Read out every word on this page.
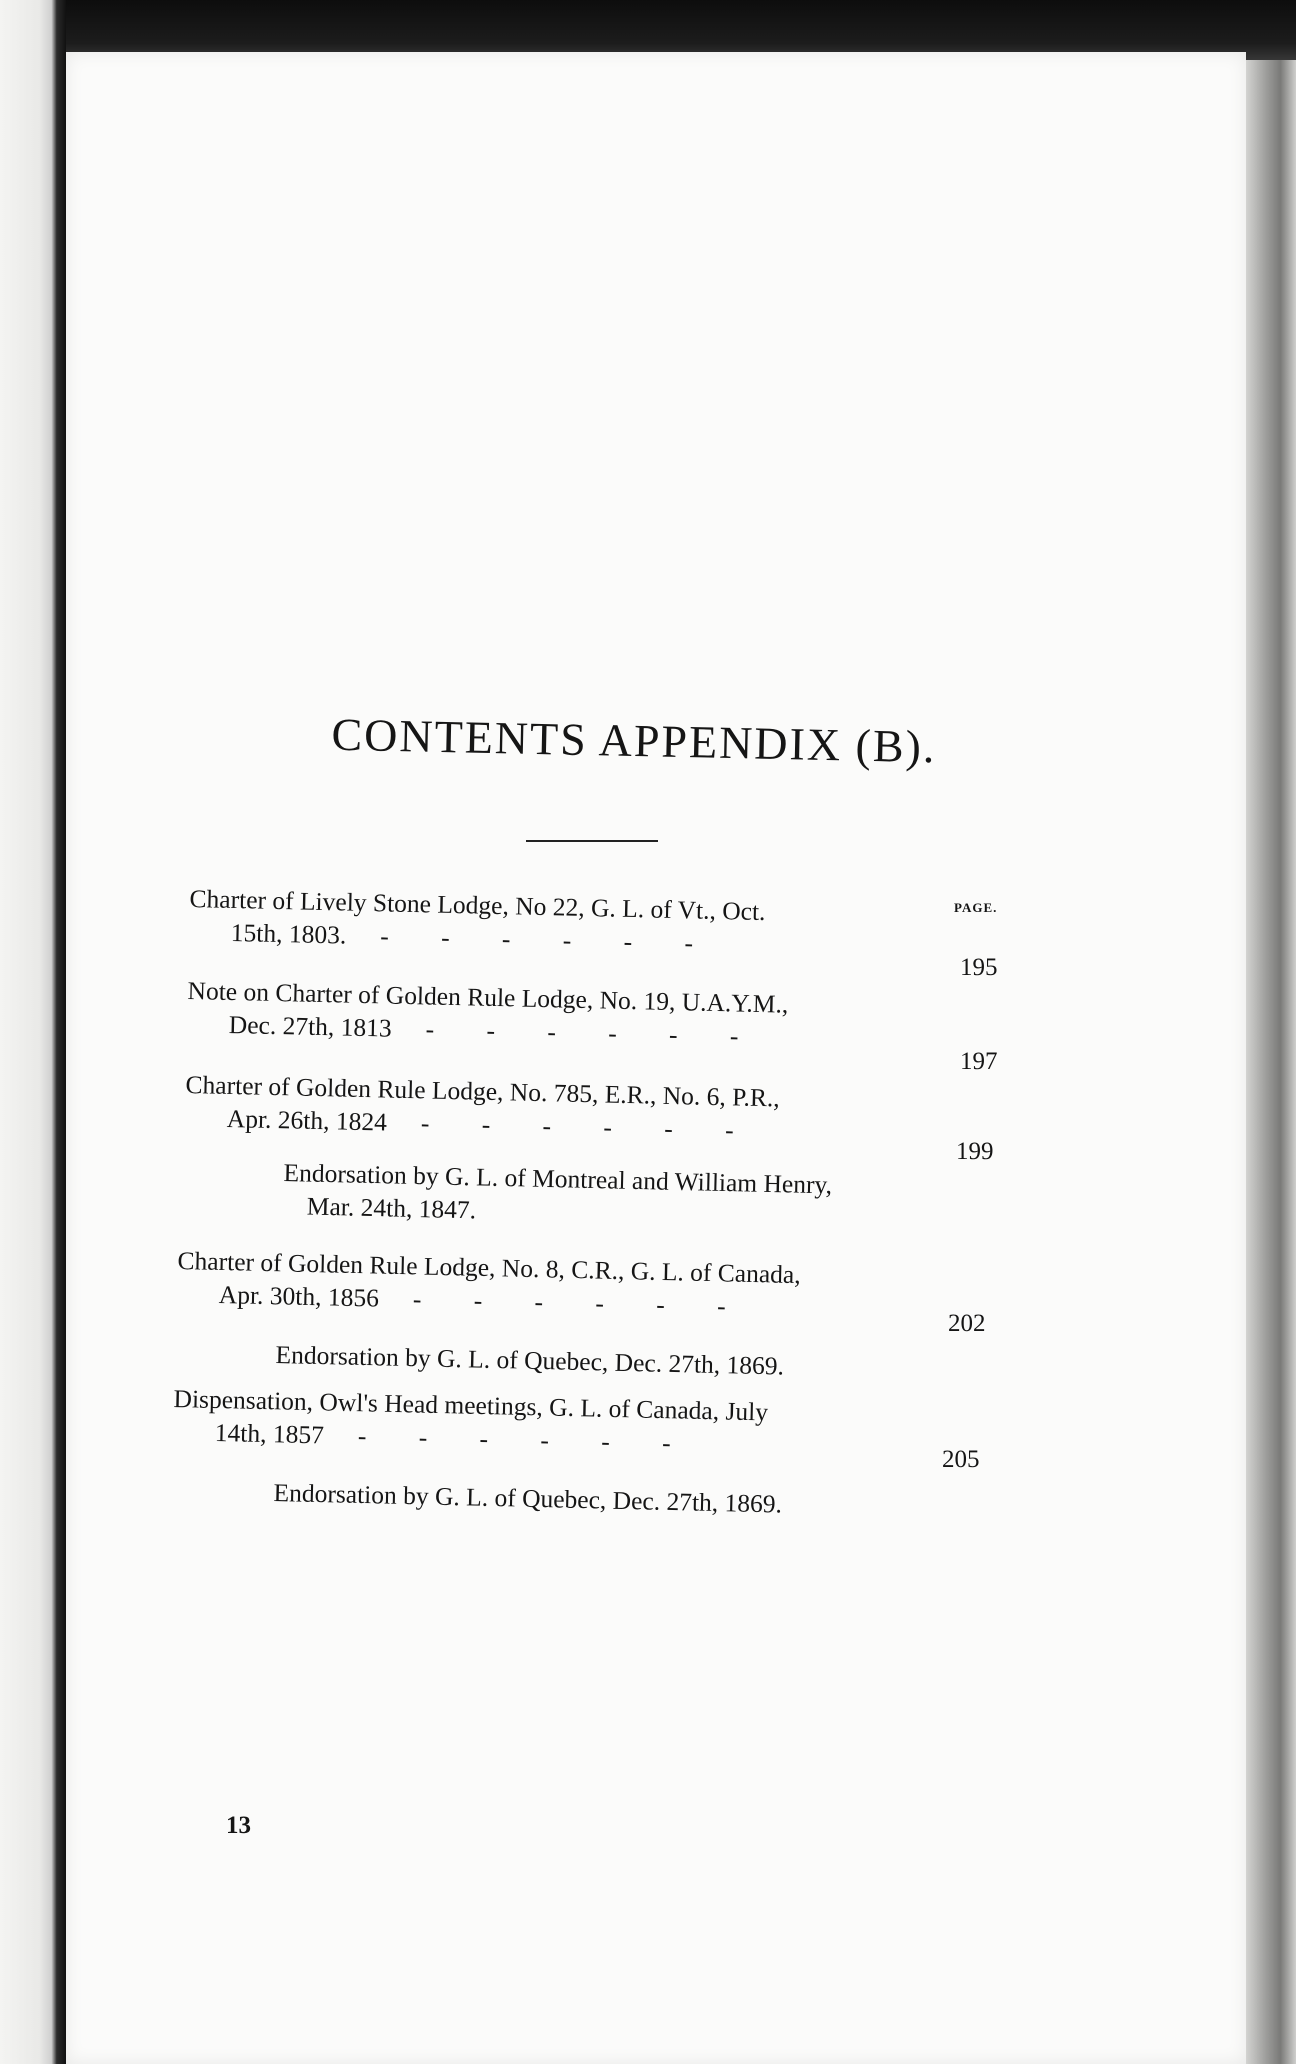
CONTENTS APPENDIX (B).
PAGE.
Charter of Lively Stone Lodge, No 22, G. L. of Vt., Oct.
15th, 1803. - - - - - -
195
Note on Charter of Golden Rule Lodge, No. 19, U.A.Y.M.,
Dec. 27th, 1813 - - - - - -
197
Charter of Golden Rule Lodge, No. 785, E.R., No. 6, P.R.,
Apr. 26th, 1824 - - - - - -
199
Endorsation by G. L. of Montreal and William Henry,
Mar. 24th, 1847.
Charter of Golden Rule Lodge, No. 8, C.R., G. L. of Canada,
Apr. 30th, 1856 - - - - - -
202
Endorsation by G. L. of Quebec, Dec. 27th, 1869.
Dispensation, Owl's Head meetings, G. L. of Canada, July
14th, 1857 - - - - - -
205
Endorsation by G. L. of Quebec, Dec. 27th, 1869.
13
